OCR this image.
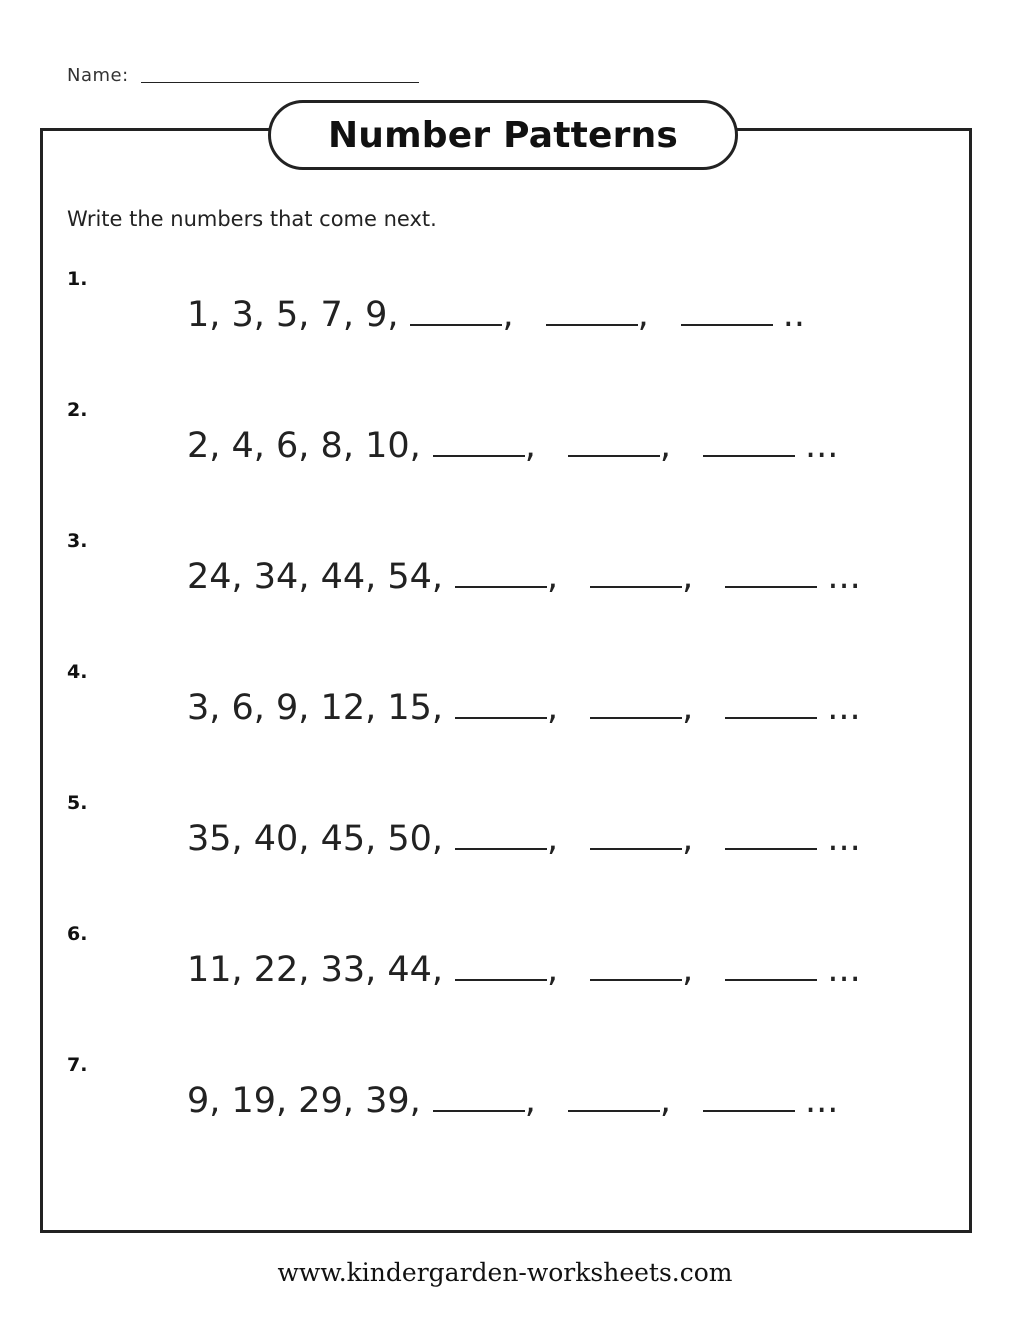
Name:
Number Patterns
Write the numbers that come next.
1.
1, 3, 5, 7, 9,	,	,	..
2.
2, 4, 6, 8, 10,	,	,	...
3.
24, 34, 44, 54,	,	,	...
4.
3, 6, 9, 12, 15,	,	,	...
5.
35, 40, 45, 50,	,	,	...
6.
11, 22, 33, 44,	,	,	...
7.
9, 19, 29, 39,	,	,	...
www.kindergarden-worksheets.com
